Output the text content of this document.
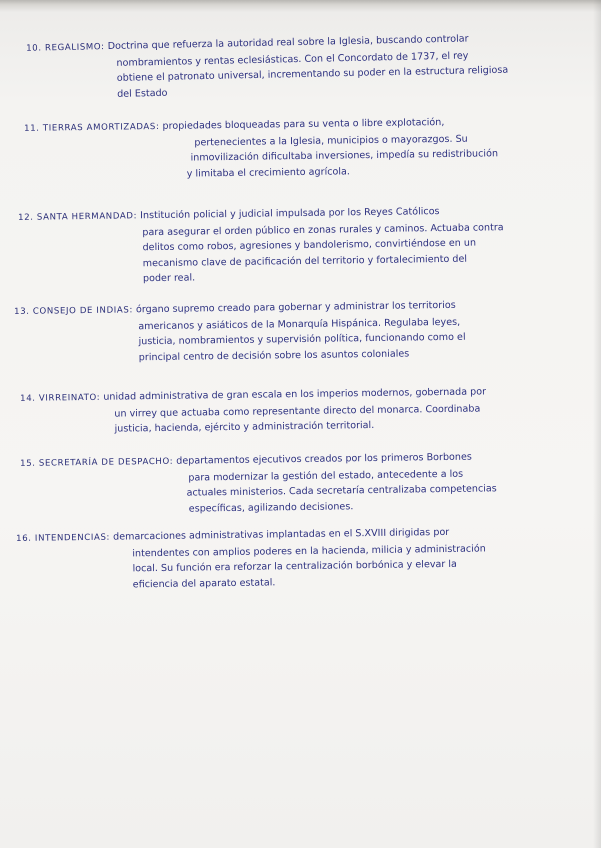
10. REGALISMO: Doctrina que refuerza la autoridad real sobre la Iglesia, buscando controlar
nombramientos y rentas eclesiásticas. Con el Concordato de 1737, el rey
obtiene el patronato universal, incrementando su poder en la estructura religiosa
del Estado
11. TIERRAS AMORTIZADAS: propiedades bloqueadas para su venta o libre explotación,
pertenecientes a la Iglesia, municipios o mayorazgos. Su
inmovilización dificultaba inversiones, impedía su redistribución
y limitaba el crecimiento agrícola.
12. SANTA HERMANDAD: Institución policial y judicial impulsada por los Reyes Católicos
para asegurar el orden público en zonas rurales y caminos. Actuaba contra
delitos como robos, agresiones y bandolerismo, convirtiéndose en un
mecanismo clave de pacificación del territorio y fortalecimiento del
poder real.
13. CONSEJO DE INDIAS: órgano supremo creado para gobernar y administrar los territorios
americanos y asiáticos de la Monarquía Hispánica. Regulaba leyes,
justicia, nombramientos y supervisión política, funcionando como el
principal centro de decisión sobre los asuntos coloniales
14. VIRREINATO: unidad administrativa de gran escala en los imperios modernos, gobernada por
un virrey que actuaba como representante directo del monarca. Coordinaba
justicia, hacienda, ejército y administración territorial.
15. SECRETARÍA DE DESPACHO: departamentos ejecutivos creados por los primeros Borbones
para modernizar la gestión del estado, antecedente a los
actuales ministerios. Cada secretaría centralizaba competencias
específicas, agilizando decisiones.
16. INTENDENCIAS: demarcaciones administrativas implantadas en el S.XVIII dirigidas por
intendentes con amplios poderes en la hacienda, milicia y administración
local. Su función era reforzar la centralización borbónica y elevar la
eficiencia del aparato estatal.
